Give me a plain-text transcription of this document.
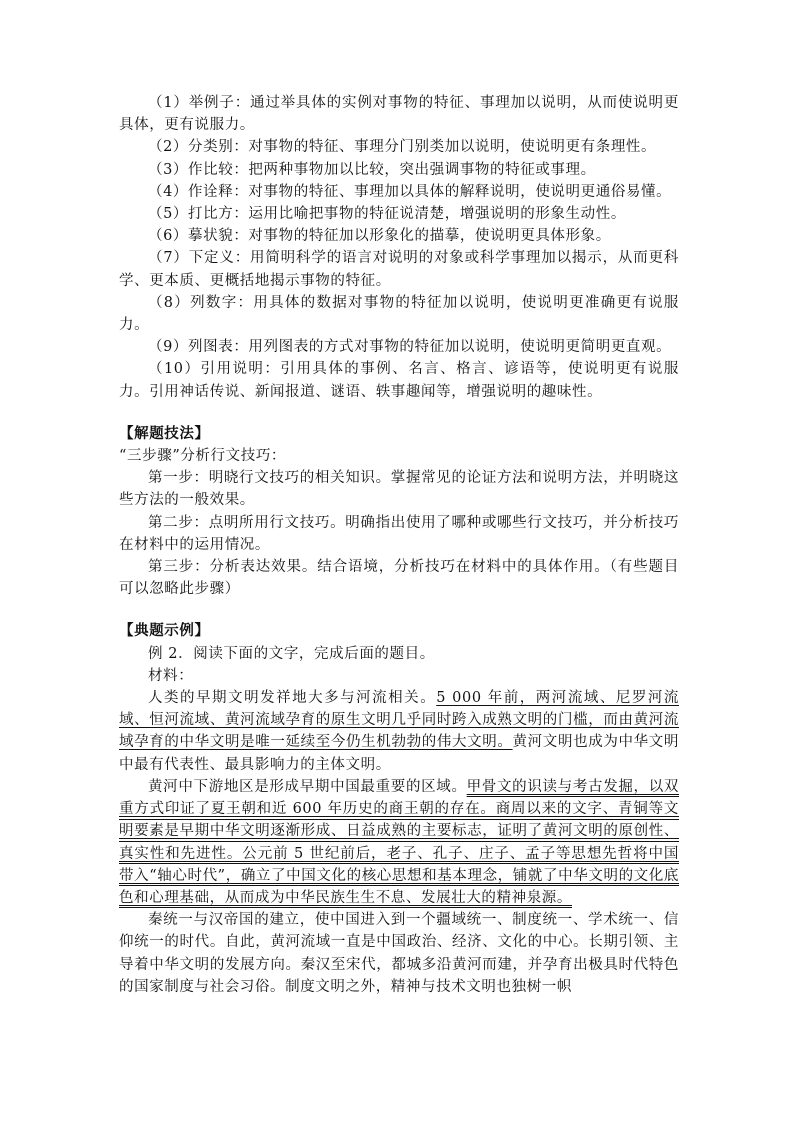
（1）举例子：通过举具体的实例对事物的特征、事理加以说明，从而使说明更具体，更有说服力。

（2）分类别：对事物的特征、事理分门别类加以说明，使说明更有条理性。

（3）作比较：把两种事物加以比较，突出强调事物的特征或事理。

（4）作诠释：对事物的特征、事理加以具体的解释说明，使说明更通俗易懂。

（5）打比方：运用比喻把事物的特征说清楚，增强说明的形象生动性。

（6）摹状貌：对事物的特征加以形象化的描摹，使说明更具体形象。

（7）下定义：用简明科学的语言对说明的对象或科学事理加以揭示，从而更科学、更本质、更概括地揭示事物的特征。

（8）列数字：用具体的数据对事物的特征加以说明，使说明更准确更有说服力。

（9）列图表：用列图表的方式对事物的特征加以说明，使说明更简明更直观。

（10）引用说明：引用具体的事例、名言、格言、谚语等，使说明更有说服力。引用神话传说、新闻报道、谜语、轶事趣闻等，增强说明的趣味性。

【解题技法】

“三步骤”分析行文技巧：

第一步：明晓行文技巧的相关知识。掌握常见的论证方法和说明方法，并明晓这些方法的一般效果。

第二步：点明所用行文技巧。明确指出使用了哪种或哪些行文技巧，并分析技巧在材料中的运用情况。

第三步：分析表达效果。结合语境，分析技巧在材料中的具体作用。（有些题目可以忽略此步骤）

【典题示例】

例 2．阅读下面的文字，完成后面的题目。

材料：

人类的早期文明发祥地大多与河流相关。5 000 年前，两河流域、尼罗河流域、恒河流域、黄河流域孕育的原生文明几乎同时跨入成熟文明的门槛，而由黄河流域孕育的中华文明是唯一延续至今仍生机勃勃的伟大文明。黄河文明也成为中华文明中最有代表性、最具影响力的主体文明。

黄河中下游地区是形成早期中国最重要的区域。甲骨文的识读与考古发掘，以双重方式印证了夏王朝和近 600 年历史的商王朝的存在。商周以来的文字、青铜等文明要素是早期中华文明逐渐形成、日益成熟的主要标志，证明了黄河文明的原创性、真实性和先进性。公元前 5 世纪前后，老子、孔子、庄子、孟子等思想先哲将中国带入“轴心时代”，确立了中国文化的核心思想和基本理念，铺就了中华文明的文化底色和心理基础，从而成为中华民族生生不息、发展壮大的精神泉源。

秦统一与汉帝国的建立，使中国进入到一个疆域统一、制度统一、学术统一、信仰统一的时代。自此，黄河流域一直是中国政治、经济、文化的中心。长期引领、主导着中华文明的发展方向。秦汉至宋代，都城多沿黄河而建，并孕育出极具时代特色的国家制度与社会习俗。制度文明之外，精神与技术文明也独树一帜
